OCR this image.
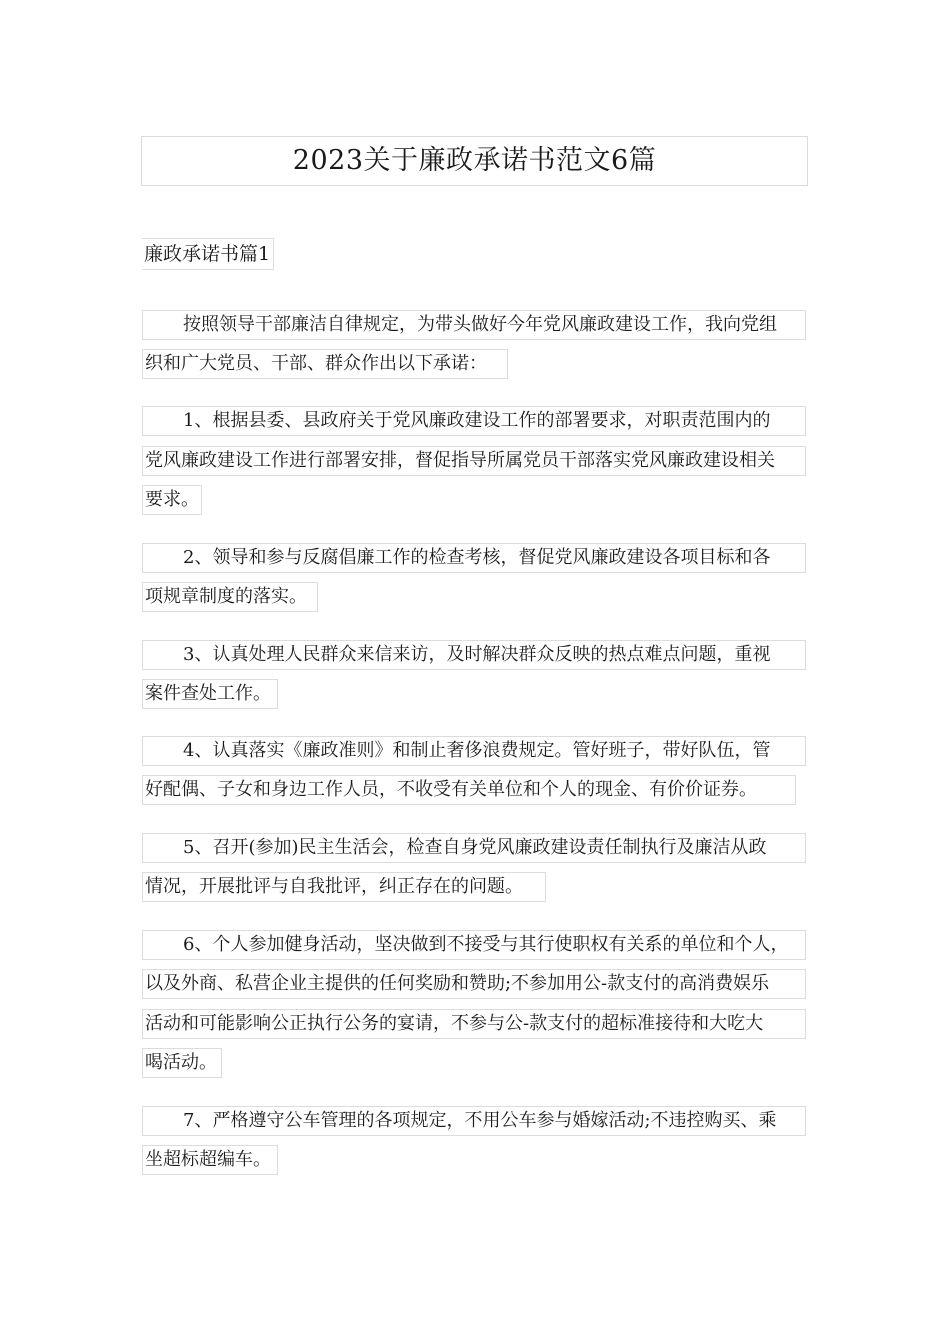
2023关于廉政承诺书范文6篇
廉政承诺书篇1
按照领导干部廉洁自律规定，为带头做好今年党风廉政建设工作，我向党组
织和广大党员、干部、群众作出以下承诺：
1、根据县委、县政府关于党风廉政建设工作的部署要求，对职责范围内的
党风廉政建设工作进行部署安排，督促指导所属党员干部落实党风廉政建设相关
要求。
2、领导和参与反腐倡廉工作的检查考核，督促党风廉政建设各项目标和各
项规章制度的落实。
3、认真处理人民群众来信来访，及时解决群众反映的热点难点问题，重视
案件查处工作。
4、认真落实《廉政准则》和制止奢侈浪费规定。管好班子，带好队伍，管
好配偶、子女和身边工作人员，不收受有关单位和个人的现金、有价价证券。
5、召开(参加)民主生活会，检查自身党风廉政建设责任制执行及廉洁从政
情况，开展批评与自我批评，纠正存在的问题。
6、个人参加健身活动，坚决做到不接受与其行使职权有关系的单位和个人，
以及外商、私营企业主提供的任何奖励和赞助;不参加用公-款支付的高消费娱乐
活动和可能影响公正执行公务的宴请，不参与公-款支付的超标准接待和大吃大
喝活动。
7、严格遵守公车管理的各项规定，不用公车参与婚嫁活动;不违控购买、乘
坐超标超编车。
